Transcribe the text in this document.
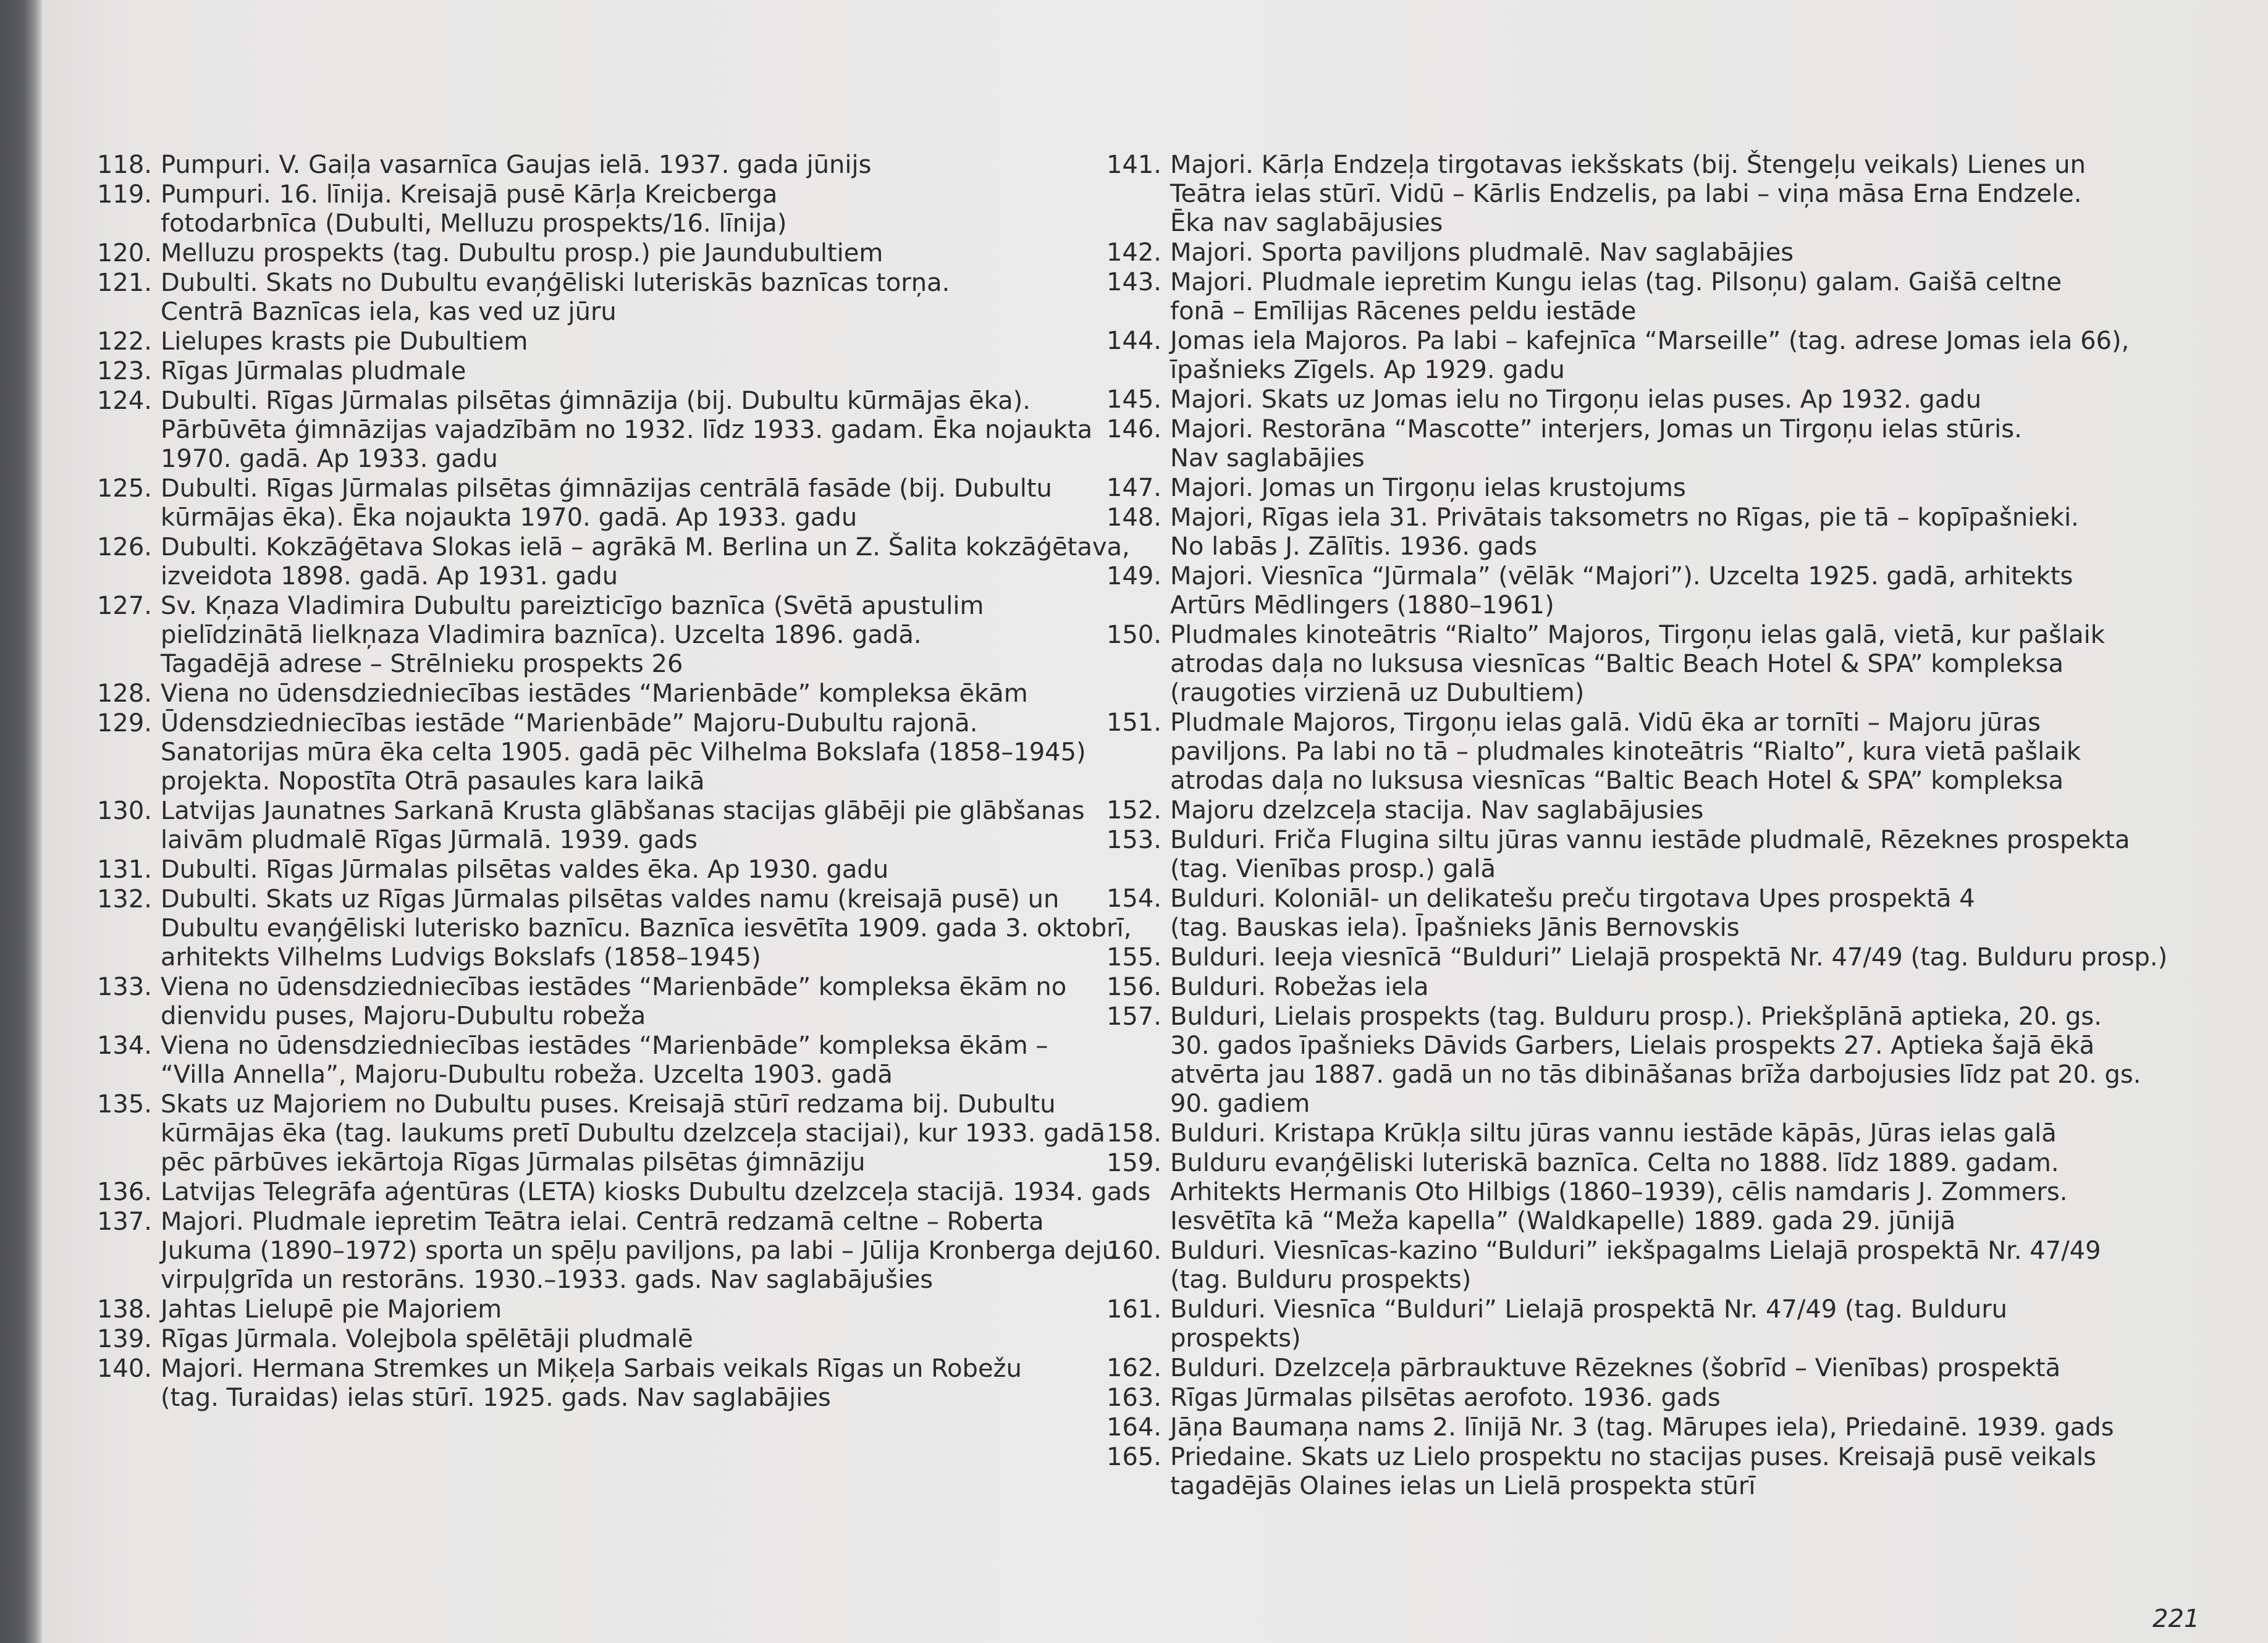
118. Pumpuri. V. Gaiļa vasarnīca Gaujas ielā. 1937. gada jūnijs
119. Pumpuri. 16. līnija. Kreisajā pusē Kārļa Kreicberga
fotodarbnīca (Dubulti, Melluzu prospekts/16. līnija)
120. Melluzu prospekts (tag. Dubultu prosp.) pie Jaundubultiem
121. Dubulti. Skats no Dubultu evaņģēliski luteriskās baznīcas torņa.
Centrā Baznīcas iela, kas ved uz jūru
122. Lielupes krasts pie Dubultiem
123. Rīgas Jūrmalas pludmale
124. Dubulti. Rīgas Jūrmalas pilsētas ģimnāzija (bij. Dubultu kūrmājas ēka).
Pārbūvēta ģimnāzijas vajadzībām no 1932. līdz 1933. gadam. Ēka nojaukta
1970. gadā. Ap 1933. gadu
125. Dubulti. Rīgas Jūrmalas pilsētas ģimnāzijas centrālā fasāde (bij. Dubultu
kūrmājas ēka). Ēka nojaukta 1970. gadā. Ap 1933. gadu
126. Dubulti. Kokzāģētava Slokas ielā – agrākā M. Berlina un Z. Šalita kokzāģētava,
izveidota 1898. gadā. Ap 1931. gadu
127. Sv. Kņaza Vladimira Dubultu pareizticīgo baznīca (Svētā apustulim
pielīdzinātā lielkņaza Vladimira baznīca). Uzcelta 1896. gadā.
Tagadējā adrese – Strēlnieku prospekts 26
128. Viena no ūdensdziedniecības iestādes “Marienbāde” kompleksa ēkām
129. Ūdensdziedniecības iestāde “Marienbāde” Majoru-Dubultu rajonā.
Sanatorijas mūra ēka celta 1905. gadā pēc Vilhelma Bokslafa (1858–1945)
projekta. Nopostīta Otrā pasaules kara laikā
130. Latvijas Jaunatnes Sarkanā Krusta glābšanas stacijas glābēji pie glābšanas
laivām pludmalē Rīgas Jūrmalā. 1939. gads
131. Dubulti. Rīgas Jūrmalas pilsētas valdes ēka. Ap 1930. gadu
132. Dubulti. Skats uz Rīgas Jūrmalas pilsētas valdes namu (kreisajā pusē) un
Dubultu evaņģēliski luterisko baznīcu. Baznīca iesvētīta 1909. gada 3. oktobrī,
arhitekts Vilhelms Ludvigs Bokslafs (1858–1945)
133. Viena no ūdensdziedniecības iestādes “Marienbāde” kompleksa ēkām no
dienvidu puses, Majoru-Dubultu robeža
134. Viena no ūdensdziedniecības iestādes “Marienbāde” kompleksa ēkām –
“Villa Annella”, Majoru-Dubultu robeža. Uzcelta 1903. gadā
135. Skats uz Majoriem no Dubultu puses. Kreisajā stūrī redzama bij. Dubultu
kūrmājas ēka (tag. laukums pretī Dubultu dzelzceļa stacijai), kur 1933. gadā
pēc pārbūves iekārtoja Rīgas Jūrmalas pilsētas ģimnāziju
136. Latvijas Telegrāfa aģentūras (LETA) kiosks Dubultu dzelzceļa stacijā. 1934. gads
137. Majori. Pludmale iepretim Teātra ielai. Centrā redzamā celtne – Roberta
Jukuma (1890–1972) sporta un spēļu paviljons, pa labi – Jūlija Kronberga deju
virpuļgrīda un restorāns. 1930.–1933. gads. Nav saglabājušies
138. Jahtas Lielupē pie Majoriem
139. Rīgas Jūrmala. Volejbola spēlētāji pludmalē
140. Majori. Hermana Stremkes un Miķeļa Sarbais veikals Rīgas un Robežu
(tag. Turaidas) ielas stūrī. 1925. gads. Nav saglabājies
141. Majori. Kārļa Endzeļa tirgotavas iekšskats (bij. Štengeļu veikals) Lienes un
Teātra ielas stūrī. Vidū – Kārlis Endzelis, pa labi – viņa māsa Erna Endzele.
Ēka nav saglabājusies
142. Majori. Sporta paviljons pludmalē. Nav saglabājies
143. Majori. Pludmale iepretim Kungu ielas (tag. Pilsoņu) galam. Gaišā celtne
fonā – Emīlijas Rācenes peldu iestāde
144. Jomas iela Majoros. Pa labi – kafejnīca “Marseille” (tag. adrese Jomas iela 66),
īpašnieks Zīgels. Ap 1929. gadu
145. Majori. Skats uz Jomas ielu no Tirgoņu ielas puses. Ap 1932. gadu
146. Majori. Restorāna “Mascotte” interjers, Jomas un Tirgoņu ielas stūris.
Nav saglabājies
147. Majori. Jomas un Tirgoņu ielas krustojums
148. Majori, Rīgas iela 31. Privātais taksometrs no Rīgas, pie tā – kopīpašnieki.
No labās J. Zālītis. 1936. gads
149. Majori. Viesnīca “Jūrmala” (vēlāk “Majori”). Uzcelta 1925. gadā, arhitekts
Artūrs Mēdlingers (1880–1961)
150. Pludmales kinoteātris “Rialto” Majoros, Tirgoņu ielas galā, vietā, kur pašlaik
atrodas daļa no luksusa viesnīcas “Baltic Beach Hotel & SPA” kompleksa
(raugoties virzienā uz Dubultiem)
151. Pludmale Majoros, Tirgoņu ielas galā. Vidū ēka ar tornīti – Majoru jūras
paviljons. Pa labi no tā – pludmales kinoteātris “Rialto”, kura vietā pašlaik
atrodas daļa no luksusa viesnīcas “Baltic Beach Hotel & SPA” kompleksa
152. Majoru dzelzceļa stacija. Nav saglabājusies
153. Bulduri. Friča Flugina siltu jūras vannu iestāde pludmalē, Rēzeknes prospekta
(tag. Vienības prosp.) galā
154. Bulduri. Koloniāl- un delikatešu preču tirgotava Upes prospektā 4
(tag. Bauskas iela). Īpašnieks Jānis Bernovskis
155. Bulduri. Ieeja viesnīcā “Bulduri” Lielajā prospektā Nr. 47/49 (tag. Bulduru prosp.)
156. Bulduri. Robežas iela
157. Bulduri, Lielais prospekts (tag. Bulduru prosp.). Priekšplānā aptieka, 20. gs.
30. gados īpašnieks Dāvids Garbers, Lielais prospekts 27. Aptieka šajā ēkā
atvērta jau 1887. gadā un no tās dibināšanas brīža darbojusies līdz pat 20. gs.
90. gadiem
158. Bulduri. Kristapa Krūkļa siltu jūras vannu iestāde kāpās, Jūras ielas galā
159. Bulduru evaņģēliski luteriskā baznīca. Celta no 1888. līdz 1889. gadam.
Arhitekts Hermanis Oto Hilbigs (1860–1939), cēlis namdaris J. Zommers.
Iesvētīta kā “Meža kapella” (Waldkapelle) 1889. gada 29. jūnijā
160. Bulduri. Viesnīcas-kazino “Bulduri” iekšpagalms Lielajā prospektā Nr. 47/49
(tag. Bulduru prospekts)
161. Bulduri. Viesnīca “Bulduri” Lielajā prospektā Nr. 47/49 (tag. Bulduru
prospekts)
162. Bulduri. Dzelzceļa pārbrauktuve Rēzeknes (šobrīd – Vienības) prospektā
163. Rīgas Jūrmalas pilsētas aerofoto. 1936. gads
164. Jāņa Baumaņa nams 2. līnijā Nr. 3 (tag. Mārupes iela), Priedainē. 1939. gads
165. Priedaine. Skats uz Lielo prospektu no stacijas puses. Kreisajā pusē veikals
tagadējās Olaines ielas un Lielā prospekta stūrī
221
